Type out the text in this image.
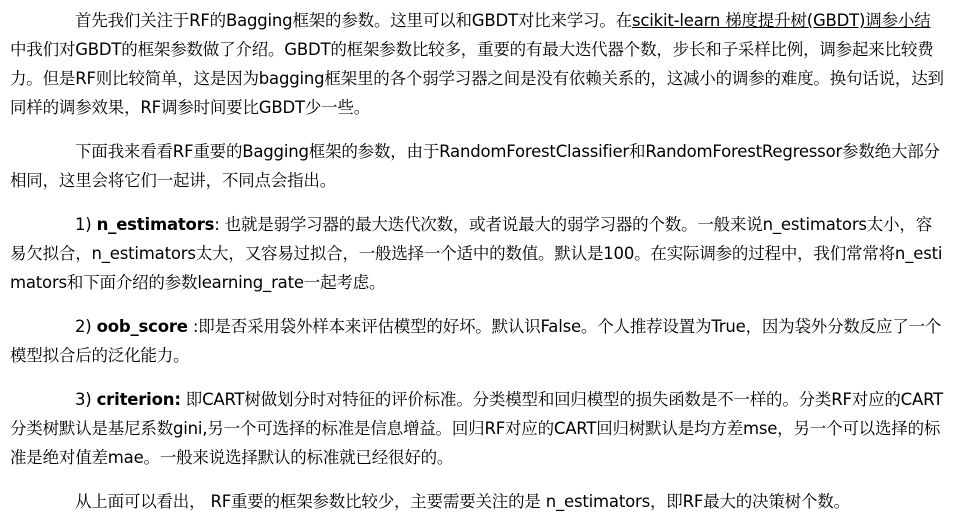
首先我们关注于RF的Bagging框架的参数。这里可以和GBDT对比来学习。在scikit-learn 梯度提升树(GBDT)调参小结中我们对GBDT的框架参数做了介绍。GBDT的框架参数比较多，重要的有最大迭代器个数，步长和子采样比例，调参起来比较费力。但是RF则比较简单，这是因为bagging框架里的各个弱学习器之间是没有依赖关系的，这减小的调参的难度。换句话说，达到同样的调参效果，RF调参时间要比GBDT少一些。

下面我来看看RF重要的Bagging框架的参数，由于RandomForestClassifier和RandomForestRegressor参数绝大部分相同，这里会将它们一起讲，不同点会指出。

1) n_estimators: 也就是弱学习器的最大迭代次数，或者说最大的弱学习器的个数。一般来说n_estimators太小，容易欠拟合，n_estimators太大，又容易过拟合，一般选择一个适中的数值。默认是100。在实际调参的过程中，我们常常将n_estimators和下面介绍的参数learning_rate一起考虑。

2) oob_score :即是否采用袋外样本来评估模型的好坏。默认识False。个人推荐设置为True，因为袋外分数反应了一个模型拟合后的泛化能力。

3) criterion: 即CART树做划分时对特征的评价标准。分类模型和回归模型的损失函数是不一样的。分类RF对应的CART分类树默认是基尼系数gini,另一个可选择的标准是信息增益。回归RF对应的CART回归树默认是均方差mse，另一个可以选择的标准是绝对值差mae。一般来说选择默认的标准就已经很好的。

从上面可以看出， RF重要的框架参数比较少，主要需要关注的是 n_estimators，即RF最大的决策树个数。
